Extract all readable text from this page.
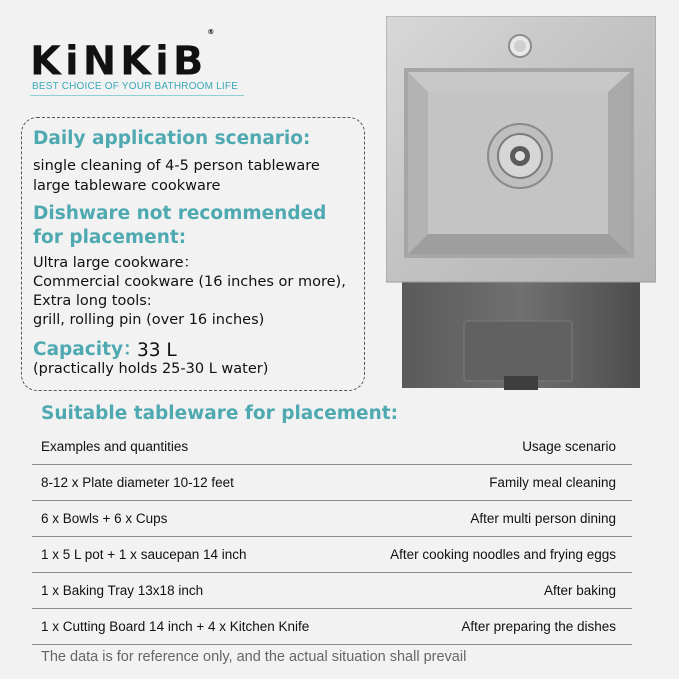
KiNKiB®
BEST CHOICE OF YOUR BATHROOM LIFE
Daily application scenario:
single cleaning of 4-5 person tableware
large tableware cookware
Dishware not recommended
for placement:
Ultra large cookware：
Commercial cookware (16 inches or more),
Extra long tools:
grill, rolling pin (over 16 inches)
Capacity：
33 L
(practically holds 25-30 L water)
Suitable tableware for placement:
Examples and quantities	Usage scenario
8-12 x Plate diameter 10-12 feet	Family meal cleaning
6 x Bowls + 6 x Cups	After multi person dining
1 x 5 L pot + 1 x saucepan 14 inch	After cooking noodles and frying eggs
1 x Baking Tray 13x18 inch	After baking
1 x Cutting Board 14 inch + 4 x Kitchen Knife	After preparing the dishes
The data is for reference only, and the actual situation shall prevail
